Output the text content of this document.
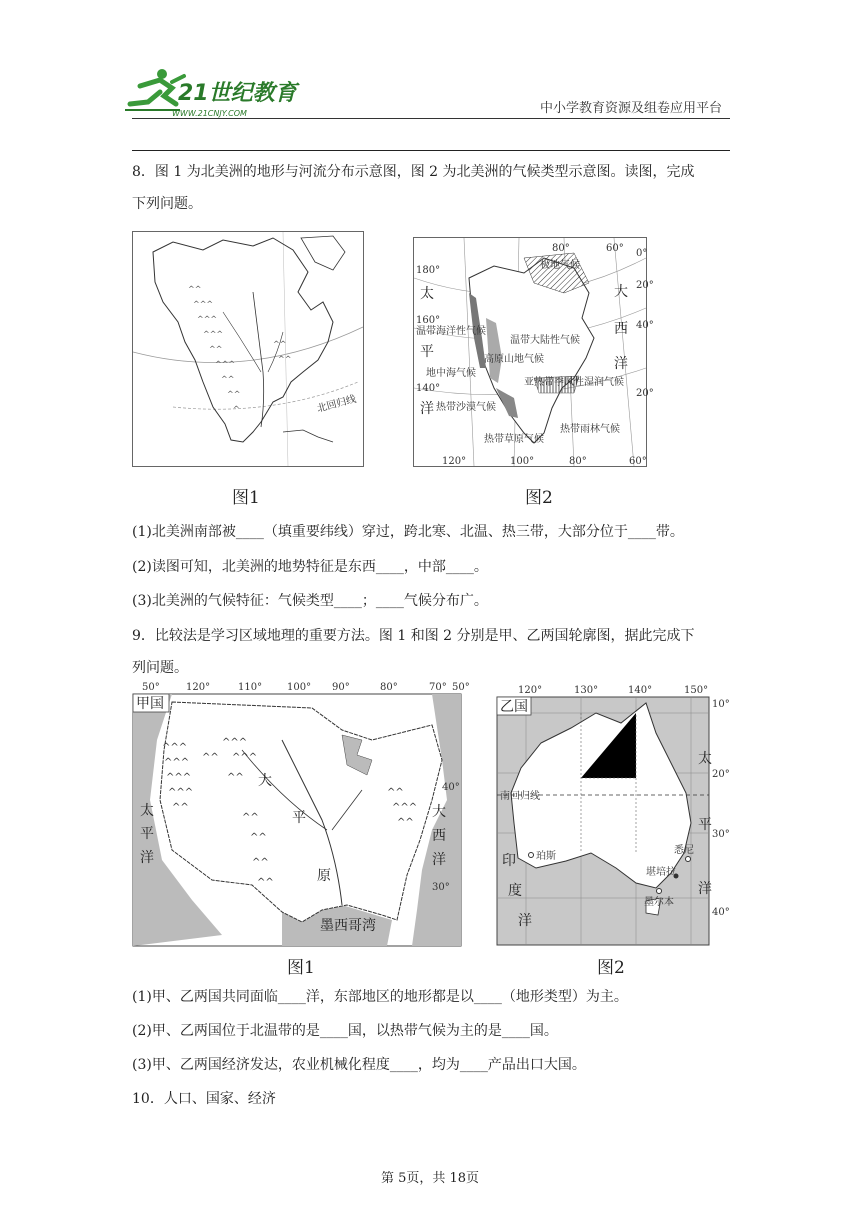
21世纪教育
WWW.21CNJY.COM	中小学教育资源及组卷应用平台
8．图 1 为北美洲的地形与河流分布示意图，图 2 为北美洲的气候类型示意图。读图，完成
下列问题。
^^
^^^
^^^
^^^
^^
^^^
^^
^^
^
^^
^^
北回归线
图1
80°	60° 0°
20°
40°
20°
180°
160°
140°
120°	100°	80°	60°
太
平
洋
大
西
洋
极地气候
温带海洋性气候
温带大陆性气候
高原山地气候
地中海气候
亚热带季风性湿润气候
热带沙漠气候
热带草原气候
热带雨林气候
图2
(1)北美洲南部被____（填重要纬线）穿过，跨北寒、北温、热三带，大部分位于____带。
(2)读图可知，北美洲的地势特征是东西____，中部____。
(3)北美洲的气候特征：气候类型____；____气候分布广。
9．比较法是学习区域地理的重要方法。图 1 和图 2 分别是甲、乙两国轮廓图，据此完成下
列问题。
50°	120°	110° 100° 90°	80°	70° 50°
^^^
^^^
^^^
^^^
^^
^^
^^^
^^^
^^
^^
^^
^^
^^
^^
^^^
^^
40°
30°
大
平
原
太
平
洋
大
西
洋
墨西哥湾
甲国
图1
120°	130°	140°	150°
乙国	10°
20°
30°
40°
南回归线
珀斯
悉尼
堪培拉
墨尔本
印
度
洋
太
平
洋
图2
(1)甲、乙两国共同面临____洋，东部地区的地形都是以____（地形类型）为主。
(2)甲、乙两国位于北温带的是____国，以热带气候为主的是____国。
(3)甲、乙两国经济发达，农业机械化程度____，均为____产品出口大国。
10．人口、国家、经济
第 5页，共 18页
